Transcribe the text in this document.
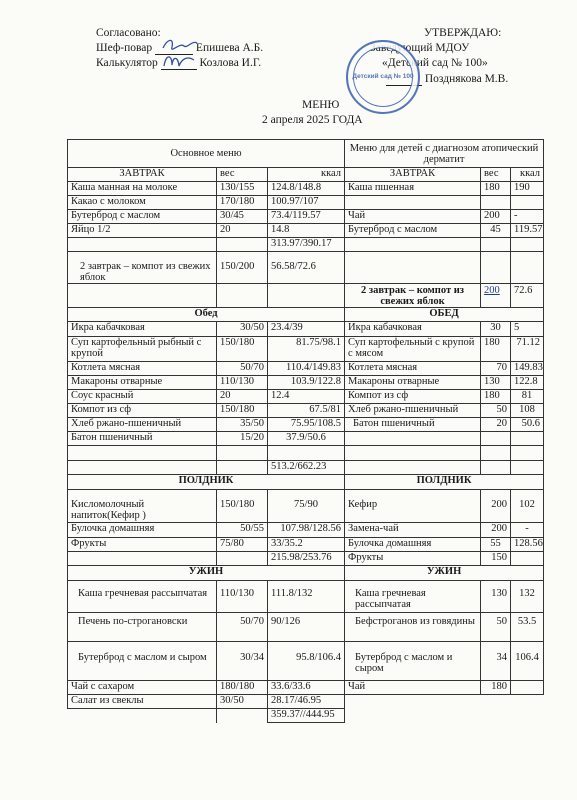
Согласовано:
Шеф-повар	Епишева А.Б.
Калькулятор	Козлова И.Г.
УТВЕРЖДАЮ:
Заведующий МДОУ
«Детский сад № 100»
Позднякова М.В.
Детский сад № 100
МЕНЮ
2 апреля 2025 ГОДА
Основное меню			Меню для детей с диагнозом атопический дерматит		
ЗАВТРАК	вес	ккал	ЗАВТРАК	вес	ккал
Каша манная на молоке	130/155	124.8/148.8	Каша пшенная	180	190
Какао с молоком	170/180	100.97/107			
Бутерброд с маслом	30/45	73.4/119.57	Чай	200	-
Яйцо 1/2	20	14.8	Бутерброд с маслом	45	119.57
		313.97/390.17			
2 завтрак – компот из свежих яблок	150/200	56.58/72.6			
			2 завтрак – компот из свежих яблок	200	72.6
Обед			ОБЕД		
Икра кабачковая	30/50	23.4/39	Икра кабачковая	30	5
Суп картофельный рыбный с крупой	150/180	81.75/98.1	Суп картофельный с крупой с мясом	180	71.12
Котлета мясная	50/70	110.4/149.83	Котлета мясная	70	149.83
Макароны отварные	110/130	103.9/122.8	Макароны отварные	130	122.8
Соус красный	20	12.4	Компот из сф	180	81
Компот из сф	150/180	67.5/81	Хлеб ржано-пшеничный	50	108
Хлеб ржано-пшеничный	35/50	75.95/108.5	Батон пшеничный	20	50.6
Батон пшеничный	15/20	37.9/50.6			

		513.2/662.23			
ПОЛДНИК			ПОЛДНИК		
Кисломолочный напиток(Кефир )	150/180	75/90	Кефир	200	102
Булочка домашняя	50/55	107.98/128.56	Замена-чай	200	-
Фрукты	75/80	33/35.2	Булочка домашняя	55	128.56
		215.98/253.76	Фрукты	150	
УЖИН			УЖИН		
Каша гречневая рассыпчатая	110/130	111.8/132	Каша гречневая рассыпчатая	130	132
Печень по-строгановски	50/70	90/126	Бефстроганов из говядины	50	53.5
Бутерброд с маслом и сыром	30/34	95.8/106.4	Бутерброд с маслом и сыром	34	106.4
Чай с сахаром	180/180	33.6/33.6	Чай	180	
Салат из свеклы	30/50	28.17/46.95			
		359.37//444.95			
